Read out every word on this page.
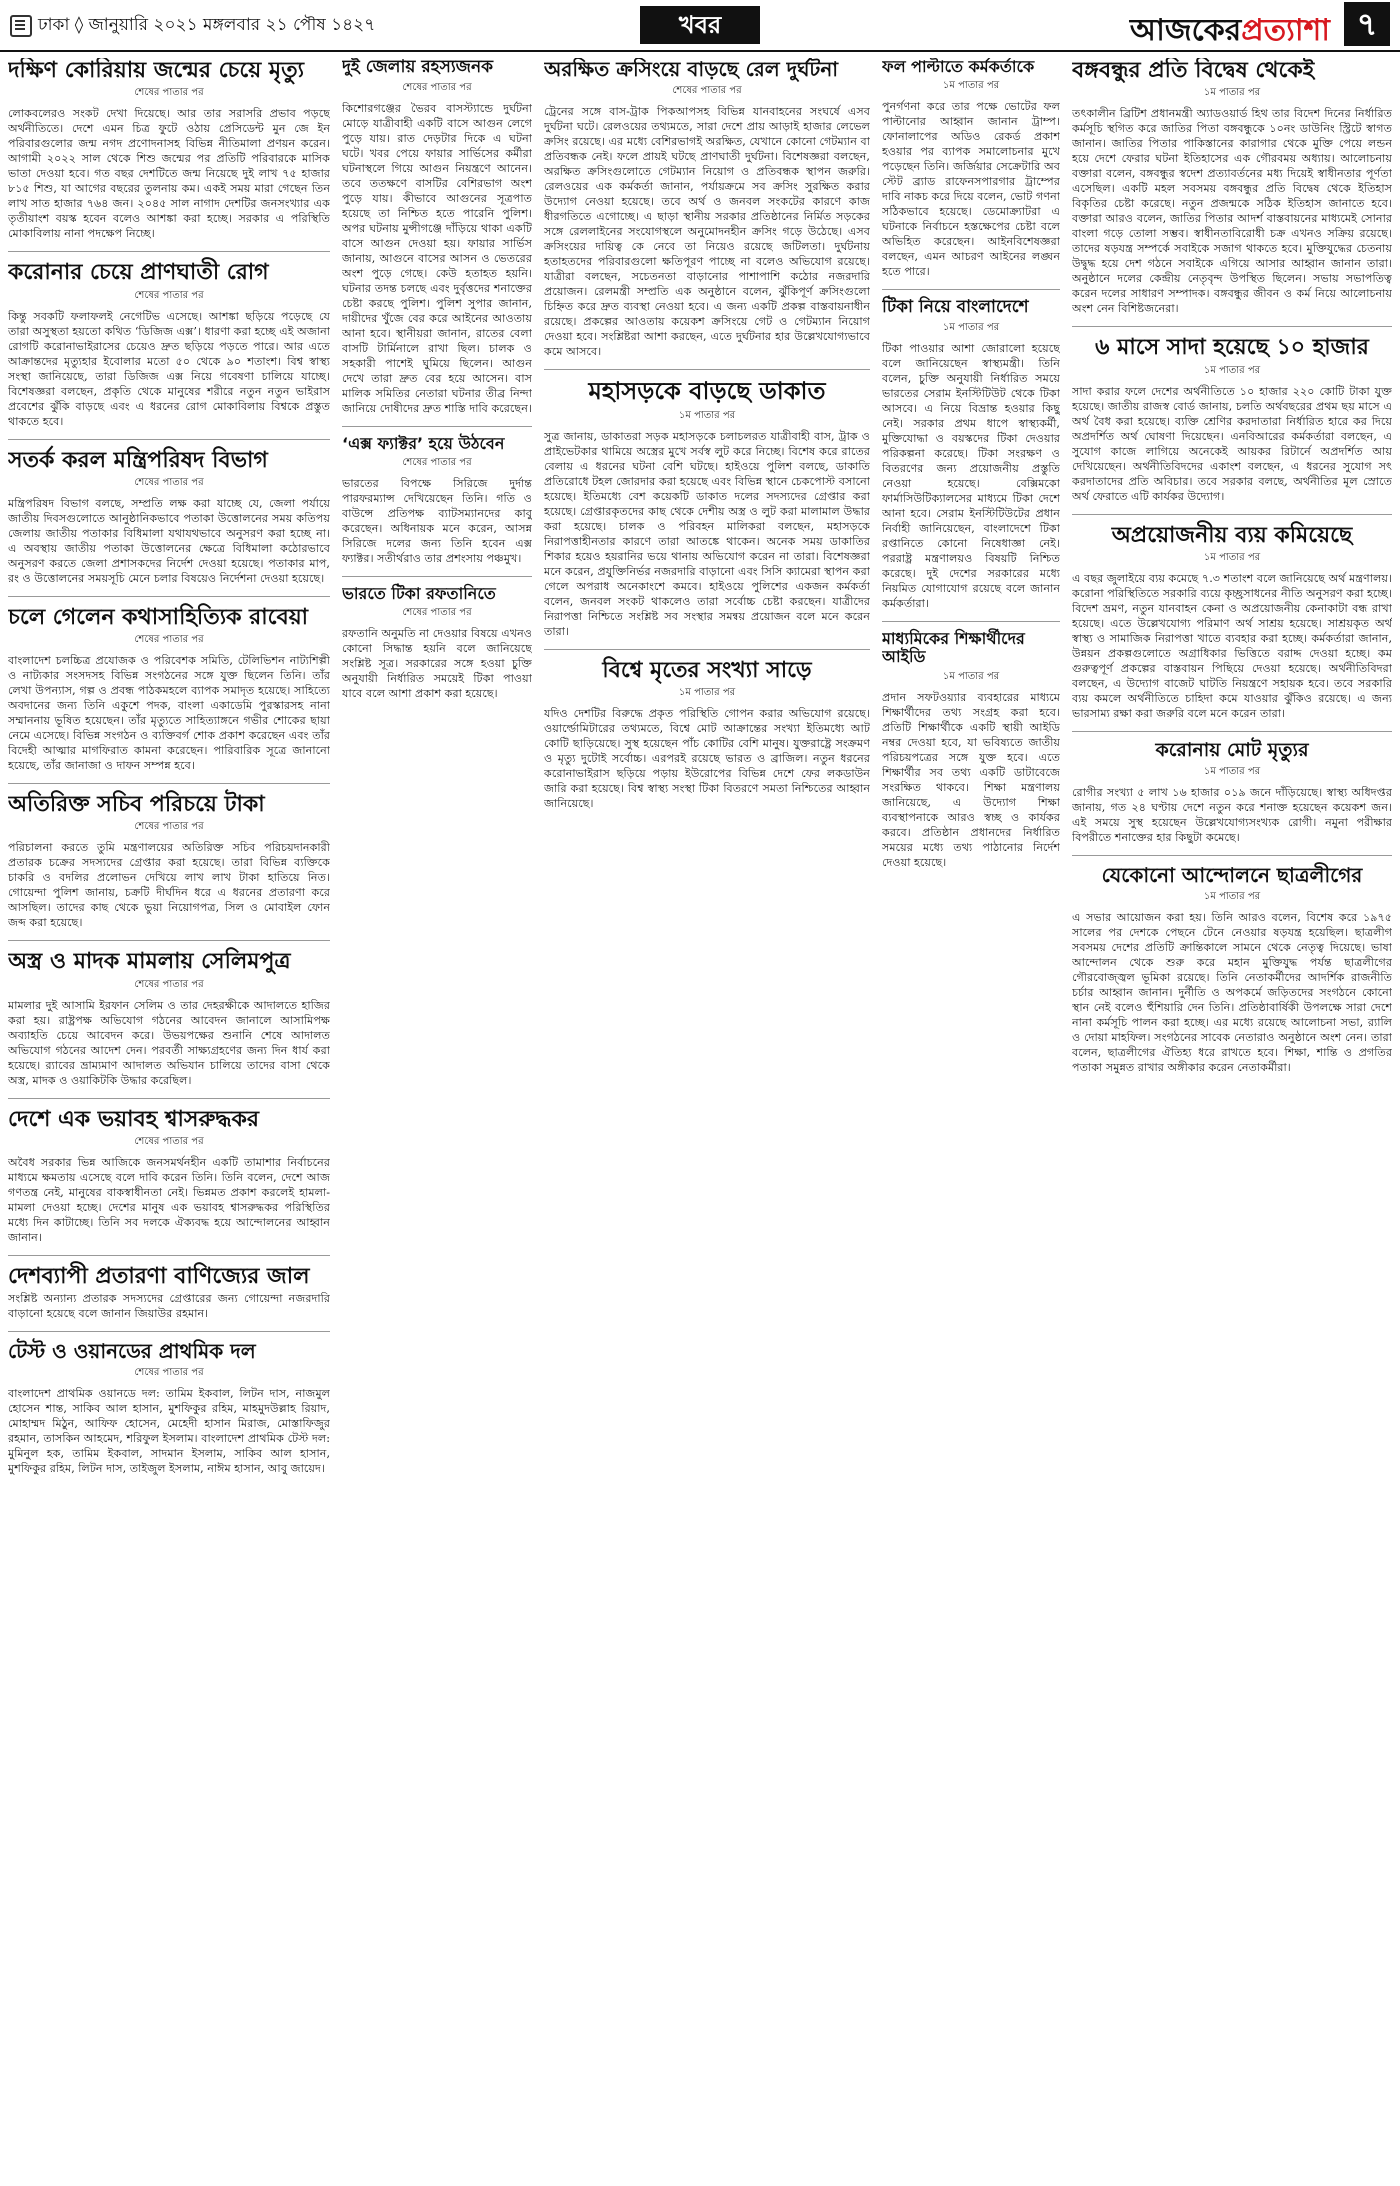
ঢাকা ◊ জানুয়ারি ২০২১ মঙ্গলবার ২১ পৌষ ১৪২৭	খবর	আজকেরপ্রত্যাশা ৭
দক্ষিণ কোরিয়ায় জন্মের চেয়ে মৃত্যু

শেষের পাতার পর

লোকবলেরও সংকট দেখা দিয়েছে। আর তার সরাসরি প্রভাব পড়ছে অর্থনীতিতে। দেশে এমন চিত্র ফুটে ওঠায় প্রেসিডেন্ট মুন জে ইন পরিবারগুলোর জন্ম নগদ প্রণোদনাসহ বিভিন্ন নীতিমালা প্রণয়ন করেন। আগামী ২০২২ সাল থেকে শিশু জন্মের পর প্রতিটি পরিবারকে মাসিক ভাতা দেওয়া হবে। গত বছর দেশটিতে জন্ম নিয়েছে দুই লাখ ৭৫ হাজার ৮১৫ শিশু, যা আগের বছরের তুলনায় কম। একই সময় মারা গেছেন তিন লাখ সাত হাজার ৭৬৪ জন। ২০৪৫ সাল নাগাদ দেশটির জনসংখ্যার এক তৃতীয়াংশ বয়স্ক হবেন বলেও আশঙ্কা করা হচ্ছে। সরকার এ পরিস্থিতি মোকাবিলায় নানা পদক্ষেপ নিচ্ছে।

করোনার চেয়ে প্রাণঘাতী রোগ

শেষের পাতার পর

কিন্তু সবকটি ফলাফলই নেগেটিভ এসেছে। আশঙ্কা ছড়িয়ে পড়েছে যে তারা অসুস্থতা হয়তো কথিত ‘ডিজিজ এক্স’। ধারণা করা হচ্ছে এই অজানা রোগটি করোনাভাইরাসের চেয়েও দ্রুত ছড়িয়ে পড়তে পারে। আর এতে আক্রান্তদের মৃত্যুহার ইবোলার মতো ৫০ থেকে ৯০ শতাংশ। বিশ্ব স্বাস্থ্য সংস্থা জানিয়েছে, তারা ডিজিজ এক্স নিয়ে গবেষণা চালিয়ে যাচ্ছে। বিশেষজ্ঞরা বলছেন, প্রকৃতি থেকে মানুষের শরীরে নতুন নতুন ভাইরাস প্রবেশের ঝুঁকি বাড়ছে এবং এ ধরনের রোগ মোকাবিলায় বিশ্বকে প্রস্তুত থাকতে হবে।

সতর্ক করল মন্ত্রিপরিষদ বিভাগ

শেষের পাতার পর

মন্ত্রিপরিষদ বিভাগ বলছে, সম্প্রতি লক্ষ করা যাচ্ছে যে, জেলা পর্যায়ে জাতীয় দিবসগুলোতে আনুষ্ঠানিকভাবে পতাকা উত্তোলনের সময় কতিপয় জেলায় জাতীয় পতাকার বিধিমালা যথাযথভাবে অনুসরণ করা হচ্ছে না। এ অবস্থায় জাতীয় পতাকা উত্তোলনের ক্ষেত্রে বিধিমালা কঠোরভাবে অনুসরণ করতে জেলা প্রশাসকদের নির্দেশ দেওয়া হয়েছে। পতাকার মাপ, রং ও উত্তোলনের সময়সূচি মেনে চলার বিষয়েও নির্দেশনা দেওয়া হয়েছে।

চলে গেলেন কথাসাহিত্যিক রাবেয়া

শেষের পাতার পর

বাংলাদেশ চলচ্চিত্র প্রযোজক ও পরিবেশক সমিতি, টেলিভিশন নাট্যশিল্পী ও নাট্যকার সংসদসহ বিভিন্ন সংগঠনের সঙ্গে যুক্ত ছিলেন তিনি। তাঁর লেখা উপন্যাস, গল্প ও প্রবন্ধ পাঠকমহলে ব্যাপক সমাদৃত হয়েছে। সাহিত্যে অবদানের জন্য তিনি একুশে পদক, বাংলা একাডেমি পুরস্কারসহ নানা সম্মাননায় ভূষিত হয়েছেন। তাঁর মৃত্যুতে সাহিত্যাঙ্গনে গভীর শোকের ছায়া নেমে এসেছে। বিভিন্ন সংগঠন ও ব্যক্তিবর্গ শোক প্রকাশ করেছেন এবং তাঁর বিদেহী আত্মার মাগফিরাত কামনা করেছেন। পারিবারিক সূত্রে জানানো হয়েছে, তাঁর জানাজা ও দাফন সম্পন্ন হবে।

অতিরিক্ত সচিব পরিচয়ে টাকা

শেষের পাতার পর

পরিচালনা করতে তুমি মন্ত্রণালয়ের অতিরিক্ত সচিব পরিচয়দানকারী প্রতারক চক্রের সদস্যদের গ্রেপ্তার করা হয়েছে। তারা বিভিন্ন ব্যক্তিকে চাকরি ও বদলির প্রলোভন দেখিয়ে লাখ লাখ টাকা হাতিয়ে নিত। গোয়েন্দা পুলিশ জানায়, চক্রটি দীর্ঘদিন ধরে এ ধরনের প্রতারণা করে আসছিল। তাদের কাছ থেকে ভুয়া নিয়োগপত্র, সিল ও মোবাইল ফোন জব্দ করা হয়েছে।

অস্ত্র ও মাদক মামলায় সেলিমপুত্র

শেষের পাতার পর

মামলার দুই আসামি ইরফান সেলিম ও তার দেহরক্ষীকে আদালতে হাজির করা হয়। রাষ্ট্রপক্ষ অভিযোগ গঠনের আবেদন জানালে আসামিপক্ষ অব্যাহতি চেয়ে আবেদন করে। উভয়পক্ষের শুনানি শেষে আদালত অভিযোগ গঠনের আদেশ দেন। পরবর্তী সাক্ষ্যগ্রহণের জন্য দিন ধার্য করা হয়েছে। র‌্যাবের ভ্রাম্যমাণ আদালত অভিযান চালিয়ে তাদের বাসা থেকে অস্ত্র, মাদক ও ওয়াকিটকি উদ্ধার করেছিল।

দেশে এক ভয়াবহ শ্বাসরুদ্ধকর

শেষের পাতার পর

অবৈধ সরকার ভিন্ন আজিকে জনসমর্থনহীন একটি তামাশার নির্বাচনের মাধ্যমে ক্ষমতায় এসেছে বলে দাবি করেন তিনি। তিনি বলেন, দেশে আজ গণতন্ত্র নেই, মানুষের বাকস্বাধীনতা নেই। ভিন্নমত প্রকাশ করলেই হামলা-মামলা দেওয়া হচ্ছে। দেশের মানুষ এক ভয়াবহ শ্বাসরুদ্ধকর পরিস্থিতির মধ্যে দিন কাটাচ্ছে। তিনি সব দলকে ঐক্যবদ্ধ হয়ে আন্দোলনের আহ্বান জানান।

দেশব্যাপী প্রতারণা বাণিজ্যের জাল

সংশ্লিষ্ট অন্যান্য প্রতারক সদস্যদের গ্রেপ্তারের জন্য গোয়েন্দা নজরদারি বাড়ানো হয়েছে বলে জানান জিয়াউর রহমান।

টেস্ট ও ওয়ানডের প্রাথমিক দল

শেষের পাতার পর

বাংলাদেশ প্রাথমিক ওয়ানডে দল: তামিম ইকবাল, লিটন দাস, নাজমুল হোসেন শান্ত, সাকিব আল হাসান, মুশফিকুর রহিম, মাহমুদউল্লাহ রিয়াদ, মোহাম্মদ মিঠুন, আফিফ হোসেন, মেহেদী হাসান মিরাজ, মোস্তাফিজুর রহমান, তাসকিন আহমেদ, শরিফুল ইসলাম। বাংলাদেশ প্রাথমিক টেস্ট দল: মুমিনুল হক, তামিম ইকবাল, সাদমান ইসলাম, সাকিব আল হাসান, মুশফিকুর রহিম, লিটন দাস, তাইজুল ইসলাম, নাঈম হাসান, আবু জায়েদ।

দুই জেলায় রহস্যজনক

শেষের পাতার পর

কিশোরগঞ্জের ভৈরব বাসস্ট্যান্ডে দুর্ঘটনা মোড়ে যাত্রীবাহী একটি বাসে আগুন লেগে পুড়ে যায়। রাত দেড়টার দিকে এ ঘটনা ঘটে। খবর পেয়ে ফায়ার সার্ভিসের কর্মীরা ঘটনাস্থলে গিয়ে আগুন নিয়ন্ত্রণে আনেন। তবে ততক্ষণে বাসটির বেশিরভাগ অংশ পুড়ে যায়। কীভাবে আগুনের সূত্রপাত হয়েছে তা নিশ্চিত হতে পারেনি পুলিশ। অপর ঘটনায় মুন্সীগঞ্জে দাঁড়িয়ে থাকা একটি বাসে আগুন দেওয়া হয়। ফায়ার সার্ভিস জানায়, আগুনে বাসের আসন ও ভেতরের অংশ পুড়ে গেছে। কেউ হতাহত হয়নি। ঘটনার তদন্ত চলছে এবং দুর্বৃত্তদের শনাক্তের চেষ্টা করছে পুলিশ। পুলিশ সুপার জানান, দায়ীদের খুঁজে বের করে আইনের আওতায় আনা হবে। স্থানীয়রা জানান, রাতের বেলা বাসটি টার্মিনালে রাখা ছিল। চালক ও সহকারী পাশেই ঘুমিয়ে ছিলেন। আগুন দেখে তারা দ্রুত বের হয়ে আসেন। বাস মালিক সমিতির নেতারা ঘটনার তীব্র নিন্দা জানিয়ে দোষীদের দ্রুত শাস্তি দাবি করেছেন।

‘এক্স ফ্যাক্টর’ হয়ে উঠবেন

শেষের পাতার পর

ভারতের বিপক্ষে সিরিজে দুর্দান্ত পারফরম্যান্স দেখিয়েছেন তিনি। গতি ও বাউন্সে প্রতিপক্ষ ব্যাটসম্যানদের কাবু করেছেন। অধিনায়ক মনে করেন, আসন্ন সিরিজে দলের জন্য তিনি হবেন এক্স ফ্যাক্টর। সতীর্থরাও তার প্রশংসায় পঞ্চমুখ।

ভারতে টিকা রফতানিতে

শেষের পাতার পর

রফতানি অনুমতি না দেওয়ার বিষয়ে এখনও কোনো সিদ্ধান্ত হয়নি বলে জানিয়েছে সংশ্লিষ্ট সূত্র। সরকারের সঙ্গে হওয়া চুক্তি অনুযায়ী নির্ধারিত সময়েই টিকা পাওয়া যাবে বলে আশা প্রকাশ করা হয়েছে।

অরক্ষিত ক্রসিংয়ে বাড়ছে রেল দুর্ঘটনা

শেষের পাতার পর

ট্রেনের সঙ্গে বাস-ট্রাক পিকআপসহ বিভিন্ন যানবাহনের সংঘর্ষে এসব দুর্ঘটনা ঘটে। রেলওয়ের তথ্যমতে, সারা দেশে প্রায় আড়াই হাজার লেভেল ক্রসিং রয়েছে। এর মধ্যে বেশিরভাগই অরক্ষিত, যেখানে কোনো গেটম্যান বা প্রতিবন্ধক নেই। ফলে প্রায়ই ঘটছে প্রাণঘাতী দুর্ঘটনা। বিশেষজ্ঞরা বলছেন, অরক্ষিত ক্রসিংগুলোতে গেটম্যান নিয়োগ ও প্রতিবন্ধক স্থাপন জরুরি। রেলওয়ের এক কর্মকর্তা জানান, পর্যায়ক্রমে সব ক্রসিং সুরক্ষিত করার উদ্যোগ নেওয়া হয়েছে। তবে অর্থ ও জনবল সংকটের কারণে কাজ ধীরগতিতে এগোচ্ছে। এ ছাড়া স্থানীয় সরকার প্রতিষ্ঠানের নির্মিত সড়কের সঙ্গে রেললাইনের সংযোগস্থলে অনুমোদনহীন ক্রসিং গড়ে উঠেছে। এসব ক্রসিংয়ের দায়িত্ব কে নেবে তা নিয়েও রয়েছে জটিলতা। দুর্ঘটনায় হতাহতদের পরিবারগুলো ক্ষতিপূরণ পাচ্ছে না বলেও অভিযোগ রয়েছে। যাত্রীরা বলছেন, সচেতনতা বাড়ানোর পাশাপাশি কঠোর নজরদারি প্রয়োজন। রেলমন্ত্রী সম্প্রতি এক অনুষ্ঠানে বলেন, ঝুঁকিপূর্ণ ক্রসিংগুলো চিহ্নিত করে দ্রুত ব্যবস্থা নেওয়া হবে। এ জন্য একটি প্রকল্প বাস্তবায়নাধীন রয়েছে। প্রকল্পের আওতায় কয়েকশ ক্রসিংয়ে গেট ও গেটম্যান নিয়োগ দেওয়া হবে। সংশ্লিষ্টরা আশা করছেন, এতে দুর্ঘটনার হার উল্লেখযোগ্যভাবে কমে আসবে।

মহাসড়কে বাড়ছে ডাকাত

১ম পাতার পর

সুত্র জানায়, ডাকাতরা সড়ক মহাসড়কে চলাচলরত যাত্রীবাহী বাস, ট্রাক ও প্রাইভেটকার থামিয়ে অস্ত্রের মুখে সর্বস্ব লুট করে নিচ্ছে। বিশেষ করে রাতের বেলায় এ ধরনের ঘটনা বেশি ঘটছে। হাইওয়ে পুলিশ বলছে, ডাকাতি প্রতিরোধে টহল জোরদার করা হয়েছে এবং বিভিন্ন স্থানে চেকপোস্ট বসানো হয়েছে। ইতিমধ্যে বেশ কয়েকটি ডাকাত দলের সদস্যদের গ্রেপ্তার করা হয়েছে। গ্রেপ্তারকৃতদের কাছ থেকে দেশীয় অস্ত্র ও লুট করা মালামাল উদ্ধার করা হয়েছে। চালক ও পরিবহন মালিকরা বলছেন, মহাসড়কে নিরাপত্তাহীনতার কারণে তারা আতঙ্কে থাকেন। অনেক সময় ডাকাতির শিকার হয়েও হয়রানির ভয়ে থানায় অভিযোগ করেন না তারা। বিশেষজ্ঞরা মনে করেন, প্রযুক্তিনির্ভর নজরদারি বাড়ানো এবং সিসি ক্যামেরা স্থাপন করা গেলে অপরাধ অনেকাংশে কমবে। হাইওয়ে পুলিশের একজন কর্মকর্তা বলেন, জনবল সংকট থাকলেও তারা সর্বোচ্চ চেষ্টা করছেন। যাত্রীদের নিরাপত্তা নিশ্চিতে সংশ্লিষ্ট সব সংস্থার সমন্বয় প্রয়োজন বলে মনে করেন তারা।

বিশ্বে মৃতের সংখ্যা সাড়ে

১ম পাতার পর

যদিও দেশটির বিরুদ্ধে প্রকৃত পরিস্থিতি গোপন করার অভিযোগ রয়েছে। ওয়ার্ল্ডোমিটারের তথ্যমতে, বিশ্বে মোট আক্রান্তের সংখ্যা ইতিমধ্যে আট কোটি ছাড়িয়েছে। সুস্থ হয়েছেন পাঁচ কোটির বেশি মানুষ। যুক্তরাষ্ট্রে সংক্রমণ ও মৃত্যু দুটোই সর্বোচ্চ। এরপরই রয়েছে ভারত ও ব্রাজিল। নতুন ধরনের করোনাভাইরাস ছড়িয়ে পড়ায় ইউরোপের বিভিন্ন দেশে ফের লকডাউন জারি করা হয়েছে। বিশ্ব স্বাস্থ্য সংস্থা টিকা বিতরণে সমতা নিশ্চিতের আহ্বান জানিয়েছে।

ফল পাল্টাতে কর্মকর্তাকে

১ম পাতার পর

পুনর্গণনা করে তার পক্ষে ভোটের ফল পাল্টানোর আহ্বান জানান ট্রাম্প। ফোনালাপের অডিও রেকর্ড প্রকাশ হওয়ার পর ব্যাপক সমালোচনার মুখে পড়েছেন তিনি। জর্জিয়ার সেক্রেটারি অব স্টেট ব্র্যাড রাফেনসপারগার ট্রাম্পের দাবি নাকচ করে দিয়ে বলেন, ভোট গণনা সঠিকভাবে হয়েছে। ডেমোক্র্যাটরা এ ঘটনাকে নির্বাচনে হস্তক্ষেপের চেষ্টা বলে অভিহিত করেছেন। আইনবিশেষজ্ঞরা বলছেন, এমন আচরণ আইনের লঙ্ঘন হতে পারে।

টিকা নিয়ে বাংলাদেশে

১ম পাতার পর

টিকা পাওয়ার আশা জোরালো হয়েছে বলে জানিয়েছেন স্বাস্থ্যমন্ত্রী। তিনি বলেন, চুক্তি অনুযায়ী নির্ধারিত সময়ে ভারতের সেরাম ইনস্টিটিউট থেকে টিকা আসবে। এ নিয়ে বিভ্রান্ত হওয়ার কিছু নেই। সরকার প্রথম ধাপে স্বাস্থ্যকর্মী, মুক্তিযোদ্ধা ও বয়স্কদের টিকা দেওয়ার পরিকল্পনা করেছে। টিকা সংরক্ষণ ও বিতরণের জন্য প্রয়োজনীয় প্রস্তুতি নেওয়া হয়েছে। বেক্সিমকো ফার্মাসিউটিক্যালসের মাধ্যমে টিকা দেশে আনা হবে। সেরাম ইনস্টিটিউটের প্রধান নির্বাহী জানিয়েছেন, বাংলাদেশে টিকা রপ্তানিতে কোনো নিষেধাজ্ঞা নেই। পররাষ্ট্র মন্ত্রণালয়ও বিষয়টি নিশ্চিত করেছে। দুই দেশের সরকারের মধ্যে নিয়মিত যোগাযোগ রয়েছে বলে জানান কর্মকর্তারা।

মাধ্যমিকের শিক্ষার্থীদের আইডি

১ম পাতার পর

প্রদান সফটওয়্যার ব্যবহারের মাধ্যমে শিক্ষার্থীদের তথ্য সংগ্রহ করা হবে। প্রতিটি শিক্ষার্থীকে একটি স্থায়ী আইডি নম্বর দেওয়া হবে, যা ভবিষ্যতে জাতীয় পরিচয়পত্রের সঙ্গে যুক্ত হবে। এতে শিক্ষার্থীর সব তথ্য একটি ডাটাবেজে সংরক্ষিত থাকবে। শিক্ষা মন্ত্রণালয় জানিয়েছে, এ উদ্যোগ শিক্ষা ব্যবস্থাপনাকে আরও স্বচ্ছ ও কার্যকর করবে। প্রতিষ্ঠান প্রধানদের নির্ধারিত সময়ের মধ্যে তথ্য পাঠানোর নির্দেশ দেওয়া হয়েছে।

বঙ্গবন্ধুর প্রতি বিদ্বেষ থেকেই

১ম পাতার পর

তৎকালীন ব্রিটিশ প্রধানমন্ত্রী অ্যাডওয়ার্ড হিথ তার বিদেশ দিনের নির্ধারিত কর্মসূচি স্থগিত করে জাতির পিতা বঙ্গবন্ধুকে ১০নং ডাউনিং স্ট্রিটে স্বাগত জানান। জাতির পিতার পাকিস্তানের কারাগার থেকে মুক্তি পেয়ে লন্ডন হয়ে দেশে ফেরার ঘটনা ইতিহাসের এক গৌরবময় অধ্যায়। আলোচনায় বক্তারা বলেন, বঙ্গবন্ধুর স্বদেশ প্রত্যাবর্তনের মধ্য দিয়েই স্বাধীনতার পূর্ণতা এসেছিল। একটি মহল সবসময় বঙ্গবন্ধুর প্রতি বিদ্বেষ থেকে ইতিহাস বিকৃতির চেষ্টা করেছে। নতুন প্রজন্মকে সঠিক ইতিহাস জানাতে হবে। বক্তারা আরও বলেন, জাতির পিতার আদর্শ বাস্তবায়নের মাধ্যমেই সোনার বাংলা গড়ে তোলা সম্ভব। স্বাধীনতাবিরোধী চক্র এখনও সক্রিয় রয়েছে। তাদের ষড়যন্ত্র সম্পর্কে সবাইকে সজাগ থাকতে হবে। মুক্তিযুদ্ধের চেতনায় উদ্বুদ্ধ হয়ে দেশ গঠনে সবাইকে এগিয়ে আসার আহ্বান জানান তারা। অনুষ্ঠানে দলের কেন্দ্রীয় নেতৃবৃন্দ উপস্থিত ছিলেন। সভায় সভাপতিত্ব করেন দলের সাধারণ সম্পাদক। বঙ্গবন্ধুর জীবন ও কর্ম নিয়ে আলোচনায় অংশ নেন বিশিষ্টজনেরা।

৬ মাসে সাদা হয়েছে ১০ হাজার

১ম পাতার পর

সাদা করার ফলে দেশের অর্থনীতিতে ১০ হাজার ২২০ কোটি টাকা যুক্ত হয়েছে। জাতীয় রাজস্ব বোর্ড জানায়, চলতি অর্থবছরের প্রথম ছয় মাসে এ অর্থ বৈধ করা হয়েছে। ব্যক্তি শ্রেণির করদাতারা নির্ধারিত হারে কর দিয়ে অপ্রদর্শিত অর্থ ঘোষণা দিয়েছেন। এনবিআরের কর্মকর্তারা বলছেন, এ সুযোগ কাজে লাগিয়ে অনেকেই আয়কর রিটার্নে অপ্রদর্শিত আয় দেখিয়েছেন। অর্থনীতিবিদদের একাংশ বলছেন, এ ধরনের সুযোগ সৎ করদাতাদের প্রতি অবিচার। তবে সরকার বলছে, অর্থনীতির মূল স্রোতে অর্থ ফেরাতে এটি কার্যকর উদ্যোগ।

অপ্রয়োজনীয় ব্যয় কমিয়েছে

১ম পাতার পর

এ বছর জুলাইয়ে ব্যয় কমেছে ৭.৩ শতাংশ বলে জানিয়েছে অর্থ মন্ত্রণালয়। করোনা পরিস্থিতিতে সরকারি ব্যয়ে কৃচ্ছ্রসাধনের নীতি অনুসরণ করা হচ্ছে। বিদেশ ভ্রমণ, নতুন যানবাহন কেনা ও অপ্রয়োজনীয় কেনাকাটা বন্ধ রাখা হয়েছে। এতে উল্লেখযোগ্য পরিমাণ অর্থ সাশ্রয় হয়েছে। সাশ্রয়কৃত অর্থ স্বাস্থ্য ও সামাজিক নিরাপত্তা খাতে ব্যবহার করা হচ্ছে। কর্মকর্তারা জানান, উন্নয়ন প্রকল্পগুলোতে অগ্রাধিকার ভিত্তিতে বরাদ্দ দেওয়া হচ্ছে। কম গুরুত্বপূর্ণ প্রকল্পের বাস্তবায়ন পিছিয়ে দেওয়া হয়েছে। অর্থনীতিবিদরা বলছেন, এ উদ্যোগ বাজেট ঘাটতি নিয়ন্ত্রণে সহায়ক হবে। তবে সরকারি ব্যয় কমলে অর্থনীতিতে চাহিদা কমে যাওয়ার ঝুঁকিও রয়েছে। এ জন্য ভারসাম্য রক্ষা করা জরুরি বলে মনে করেন তারা।

করোনায় মোট মৃত্যুর

১ম পাতার পর

রোগীর সংখ্যা ৫ লাখ ১৬ হাজার ০১৯ জনে দাঁড়িয়েছে। স্বাস্থ্য অধিদপ্তর জানায়, গত ২৪ ঘণ্টায় দেশে নতুন করে শনাক্ত হয়েছেন কয়েকশ জন। এই সময়ে সুস্থ হয়েছেন উল্লেখযোগ্যসংখ্যক রোগী। নমুনা পরীক্ষার বিপরীতে শনাক্তের হার কিছুটা কমেছে।

যেকোনো আন্দোলনে ছাত্রলীগের

১ম পাতার পর

এ সভার আয়োজন করা হয়। তিনি আরও বলেন, বিশেষ করে ১৯৭৫ সালের পর দেশকে পেছনে টেনে নেওয়ার ষড়যন্ত্র হয়েছিল। ছাত্রলীগ সবসময় দেশের প্রতিটি ক্রান্তিকালে সামনে থেকে নেতৃত্ব দিয়েছে। ভাষা আন্দোলন থেকে শুরু করে মহান মুক্তিযুদ্ধ পর্যন্ত ছাত্রলীগের গৌরবোজ্জ্বল ভূমিকা রয়েছে। তিনি নেতাকর্মীদের আদর্শিক রাজনীতি চর্চার আহ্বান জানান। দুর্নীতি ও অপকর্মে জড়িতদের সংগঠনে কোনো স্থান নেই বলেও হুঁশিয়ারি দেন তিনি। প্রতিষ্ঠাবার্ষিকী উপলক্ষে সারা দেশে নানা কর্মসূচি পালন করা হচ্ছে। এর মধ্যে রয়েছে আলোচনা সভা, র‍্যালি ও দোয়া মাহফিল। সংগঠনের সাবেক নেতারাও অনুষ্ঠানে অংশ নেন। তারা বলেন, ছাত্রলীগের ঐতিহ্য ধরে রাখতে হবে। শিক্ষা, শান্তি ও প্রগতির পতাকা সমুন্নত রাখার অঙ্গীকার করেন নেতাকর্মীরা।
